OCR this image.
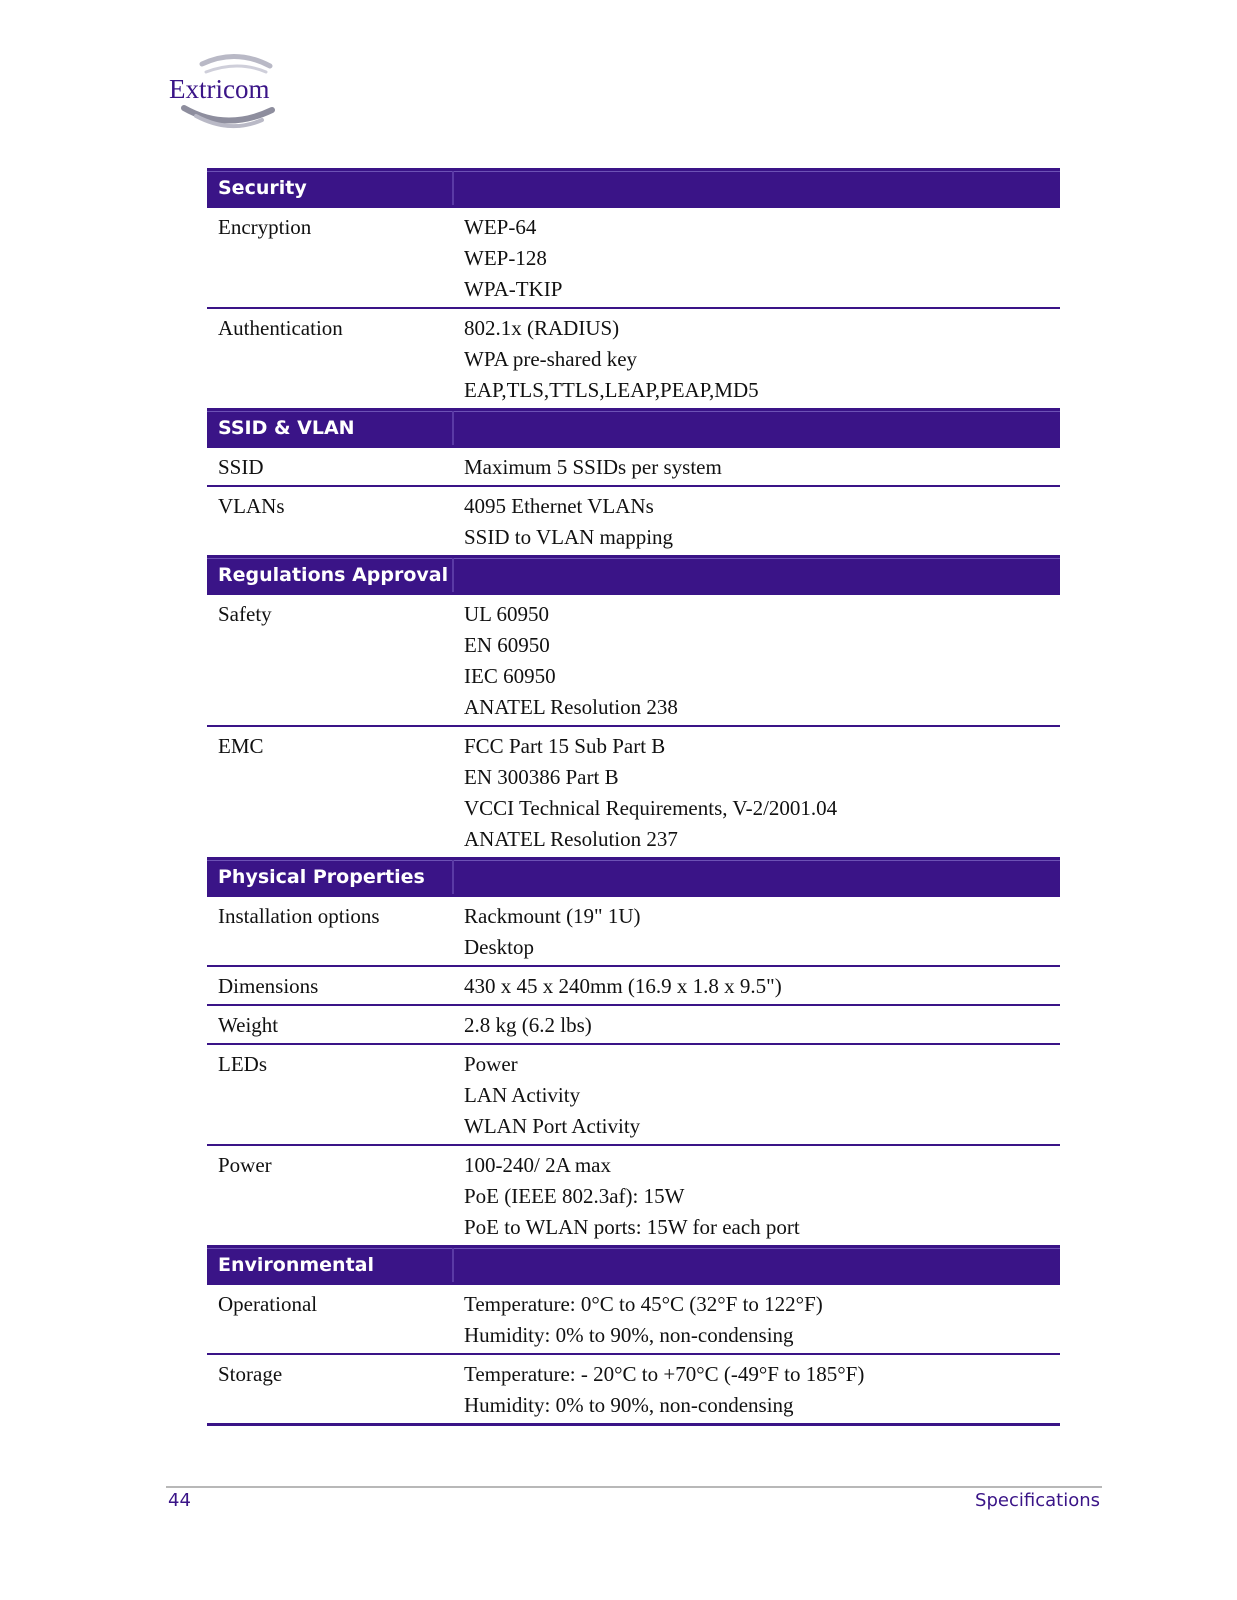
Extricom
Security	
Encryption	WEP-64
WEP-128
WPA-TKIP

Authentication	802.1x (RADIUS)
WPA pre-shared key
EAP,TLS,TTLS,LEAP,PEAP,MD5

SSID & VLAN	
SSID	Maximum 5 SSIDs per system

VLANs	4095 Ethernet VLANs
SSID to VLAN mapping

Regulations Approval	
Safety	UL 60950
EN 60950
IEC 60950
ANATEL Resolution 238

EMC	FCC Part 15 Sub Part B
EN 300386 Part B
VCCI Technical Requirements, V-2/2001.04
ANATEL Resolution 237

Physical Properties	
Installation options	Rackmount (19" 1U)
Desktop

Dimensions	430 x 45 x 240mm (16.9 x 1.8 x 9.5")

Weight	2.8 kg (6.2 lbs)

LEDs	Power
LAN Activity
WLAN Port Activity

Power	100-240/ 2A max
PoE (IEEE 802.3af): 15W
PoE to WLAN ports: 15W for each port

Environmental	
Operational	Temperature: 0°C to 45°C (32°F to 122°F)
Humidity: 0% to 90%, non-condensing

Storage	Temperature: - 20°C to +70°C (-49°F to 185°F)
Humidity: 0% to 90%, non-condensing
44	Specifications
